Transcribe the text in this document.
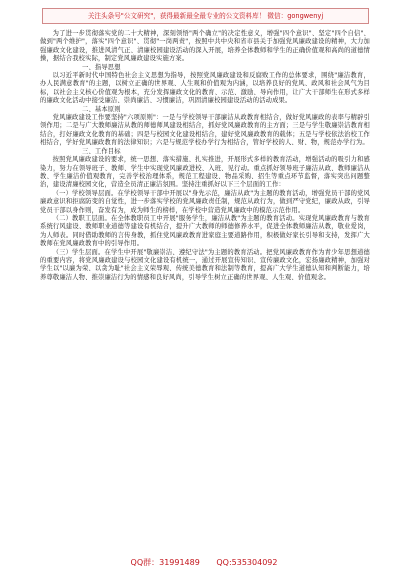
关注头条号"公文研究"，获得最新最全最专业的公文资料库！ 微信：gongwenyj

为了进一步贯彻落实党的二十大精神，深刻领悟"两个确立"的决定性意义，增强"四个意识"、坚定"四个自信"、做到"两个维护"，落实"四个意识"、贯彻"一岗两责"，按照中共中央和省市县关于加强党风廉政建设的精神，大力加强廉政文化建设，推进风清气正、清廉校园建设活动的深入开展，培养全体教师和学生的正确价值观和高尚的道德情操，据结合我校实际，制定党风廉政建设实施方案。

一、指导思想

以习近平新时代中国特色社会主义思想为指导，按照党风廉政建设和反腐败工作的总体要求，围绕"廉洁教育，办人民满意教育"的主题，以树立正确的世界观、人生观和价值观为内涵，以培养良好的党风、政风和社会风气为目标，以社会主义核心价值观为根本，充分发挥廉政文化的教育、示范、激励、导向作用，让广大干部师生在形式多样的廉政文化活动中接受廉洁、崇尚廉洁、习惯廉洁，巩固清廉校园建设活动的活动成果。

二、基本原则

党风廉政建设工作要坚持"六项原则"：一是与学校领导干部廉洁从政教育相结合，做好党风廉政的表率与精辟引领作用；二是与广大教师廉洁从教的师德师风建设相结合，抓好党风廉政教育的主方面；三是与学生敬廉崇洁教育相结合，打好廉政文化教育的基础；四是与校园文化建设相结合，建好党风廉政教育的载体；五是与学校依法治校工作相结合，学好党风廉政教育的法律知识；六是与规范学校办学行为相结合，管好学校的人、财、物，规范办学行为。

三、工作目标

按照党风廉政建设的要求，统一思想、落实措施、扎实推进，开展形式多样的教育活动，增强活动的吸引力和感染力，努力在领导班子、教师、学生中实现党风廉政进校、入班、见行动。重点抓好领导班子廉洁从政、教师廉洁从教、学生廉洁价值观教育，完善学校治理体系，规范工程建设、物品采购、招生等重点环节监督，落实突出问题整治，建设清廉校园文化，营造全员清正廉洁氛围。坚持注重抓好以下三个层面的工作：

（一）学校领导层面。在学校领导干部中开展以"身先示范，廉洁从政"为主题的教育活动，增强党员干部的党风廉政意识和拒腐防变的自觉性，进一步落实学校的党风廉政责任制，规范从政行为，做到严守党纪，廉政从政，引导党员干部以身作则，奋发有为，成为师生的榜样，在学校中营造党风廉政中的模范示范作用。

（二）教职工层面。在全体教职员工中开展"服务学生，廉洁从教"为主题的教育活动。实现党风廉政教育与教育系统行风建设、教师职业道德等建设有机结合，提升广大教师的师德修养水平，促进全体教师廉洁从教，敬业爱岗，为人师表。同时借助教师的言传身教，抓住党风廉政教育进家庭主要道路作用，积极做好家长引导和支持，发挥广大教师在党风廉政教育中的引导作用。

（三）学生层面。在学生中开展"敬廉崇洁、遵纪守法"为主题的教育活动。把党风廉政教育作为青少年思想道德的重要内容，将党风廉政建设与校园文化建设有机统一，通过开展宣传知识、宣传廉政文化，宏扬廉政精神，加强对学生以"以廉为荣、以贪为耻"社会主义荣辱观、传统美德教育和法制等教育，提高广大学生道德认知和判断能力，培养尊敬廉洁人物、推崇廉洁行为的情感和良好风尚，引导学生树立正确的世界观、人生观、价值观念。

QQ群：31991489 QQ:535304092
